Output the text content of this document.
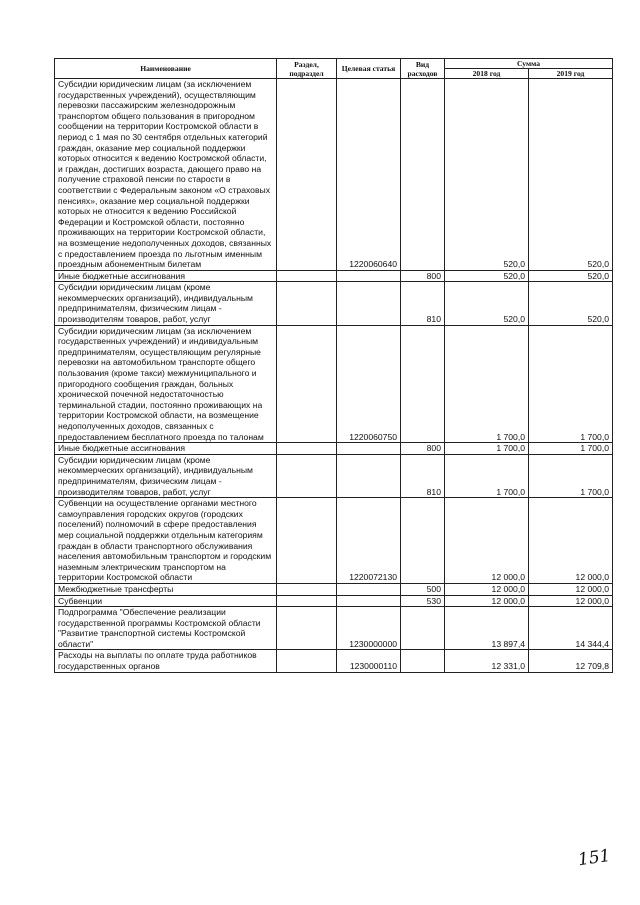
Наименование	Раздел, подраздел	Целевая статья	Вид расходов	Сумма	
				2018 год	2019 год
Субсидии юридическим лицам (за исключением государственных учреждений), осуществляющим перевозки пассажирским железнодорожным транспортом общего пользования в пригородном сообщении на территории Костромской области в период с 1 мая по 30 сентября отдельных категорий граждан, оказание мер социальной поддержки которых относится к ведению Костромской области, и граждан, достигших возраста, дающего право на получение страховой пенсии по старости в соответствии с Федеральным законом «О страховых пенсиях», оказание мер социальной поддержки которых не относится к ведению Российской Федерации и Костромской области, постоянно проживающих на территории Костромской области, на возмещение недополученных доходов, связанных с предоставлением проезда по льготным именным проездным абонементным билетам		1220060640		520,0	520,0
Иные бюджетные ассигнования			800	520,0	520,0
Субсидии юридическим лицам (кроме некоммерческих организаций), индивидуальным предпринимателям, физическим лицам - производителям товаров, работ, услуг			810	520,0	520,0
Субсидии юридическим лицам (за исключением государственных учреждений) и индивидуальным предпринимателям, осуществляющим регулярные перевозки на автомобильном транспорте общего пользования (кроме такси) межмуниципального и пригородного сообщения граждан, больных хронической почечной недостаточностью терминальной стадии, постоянно проживающих на территории Костромской области, на возмещение недополученных доходов, связанных с предоставлением бесплатного проезда по талонам		1220060750		1 700,0	1 700,0
Иные бюджетные ассигнования			800	1 700,0	1 700,0
Субсидии юридическим лицам (кроме некоммерческих организаций), индивидуальным предпринимателям, физическим лицам - производителям товаров, работ, услуг			810	1 700,0	1 700,0
Субвенции на осуществление органами местного самоуправления городских округов (городских поселений) полномочий в сфере предоставления мер социальной поддержки отдельным категориям граждан в области транспортного обслуживания населения автомобильным транспортом и городским наземным электрическим транспортом на территории Костромской области		1220072130		12 000,0	12 000,0
Межбюджетные трансферты			500	12 000,0	12 000,0
Субвенции			530	12 000,0	12 000,0
Подпрограмма "Обеспечение реализации государственной программы Костромской области "Развитие транспортной системы Костромской области"		1230000000		13 897,4	14 344,4
Расходы на выплаты по оплате труда работников государственных органов		1230000110		12 331,0	12 709,8
151
